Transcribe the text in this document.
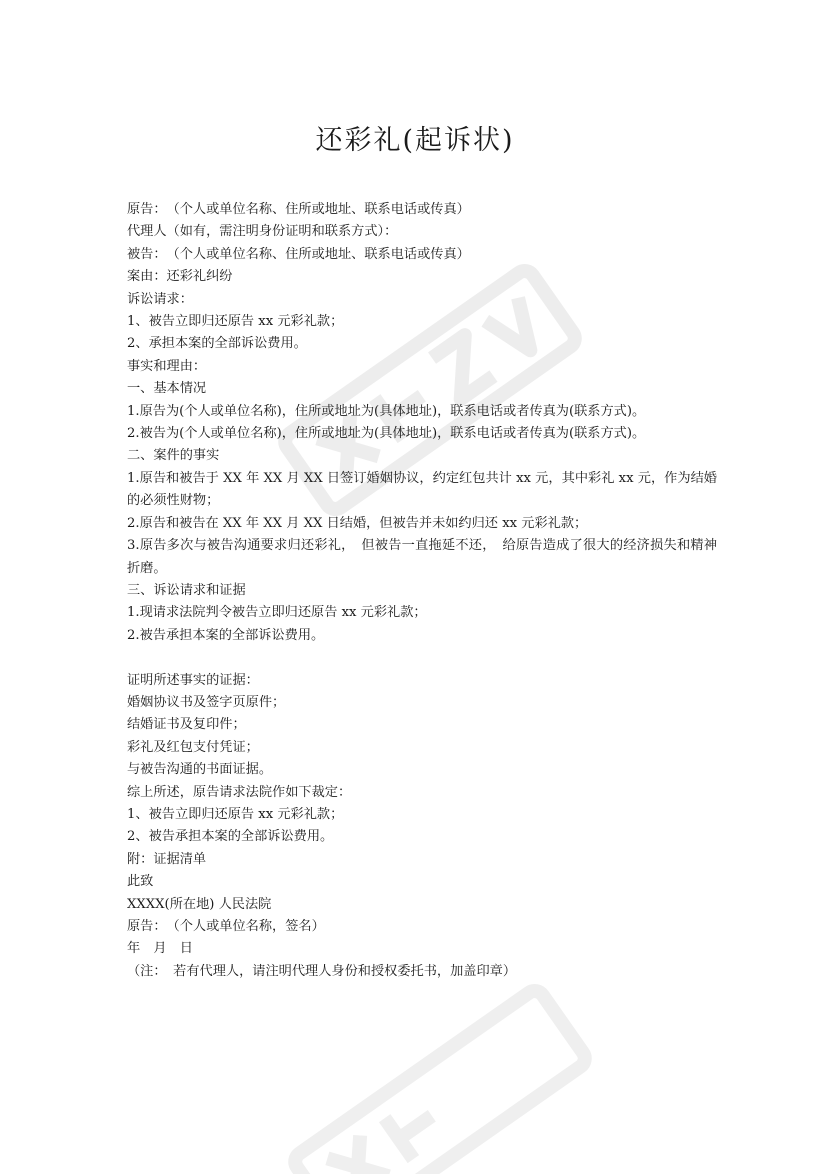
还彩礼(起诉状)
原告：　（个人或单位名称、住所或地址、联系电话或传真）
代理人（如有，需注明身份证明和联系方式）：
被告：　（个人或单位名称、住所或地址、联系电话或传真）
案由：还彩礼纠纷
诉讼请求：
1、被告立即归还原告 xx 元彩礼款；
2、承担本案的全部诉讼费用。
事实和理由：
一、基本情况
1.原告为(个人或单位名称)，住所或地址为(具体地址)，联系电话或者传真为(联系方式)。
2.被告为(个人或单位名称)，住所或地址为(具体地址)，联系电话或者传真为(联系方式)。
二、案件的事实
1.原告和被告于 XX 年 XX 月 XX 日签订婚姻协议，约定红包共计 xx 元，其中彩礼 xx 元，作为结婚的必须性财物；
2.原告和被告在 XX 年 XX 月 XX 日结婚，但被告并未如约归还 xx 元彩礼款；
3.原告多次与被告沟通要求归还彩礼，　但被告一直拖延不还，　给原告造成了很大的经济损失和精神折磨。
三、诉讼请求和证据
1.现请求法院判令被告立即归还原告 xx 元彩礼款；
2.被告承担本案的全部诉讼费用。
证明所述事实的证据：
婚姻协议书及签字页原件；
结婚证书及复印件；
彩礼及红包支付凭证；
与被告沟通的书面证据。
综上所述，原告请求法院作如下裁定：
1、被告立即归还原告 xx 元彩礼款；
2、被告承担本案的全部诉讼费用。
附：证据清单
此致
XXXX(所在地) 人民法院
原告：　（个人或单位名称，签名）
年　月　日
（注：　若有代理人，请注明代理人身份和授权委托书，加盖印章）
